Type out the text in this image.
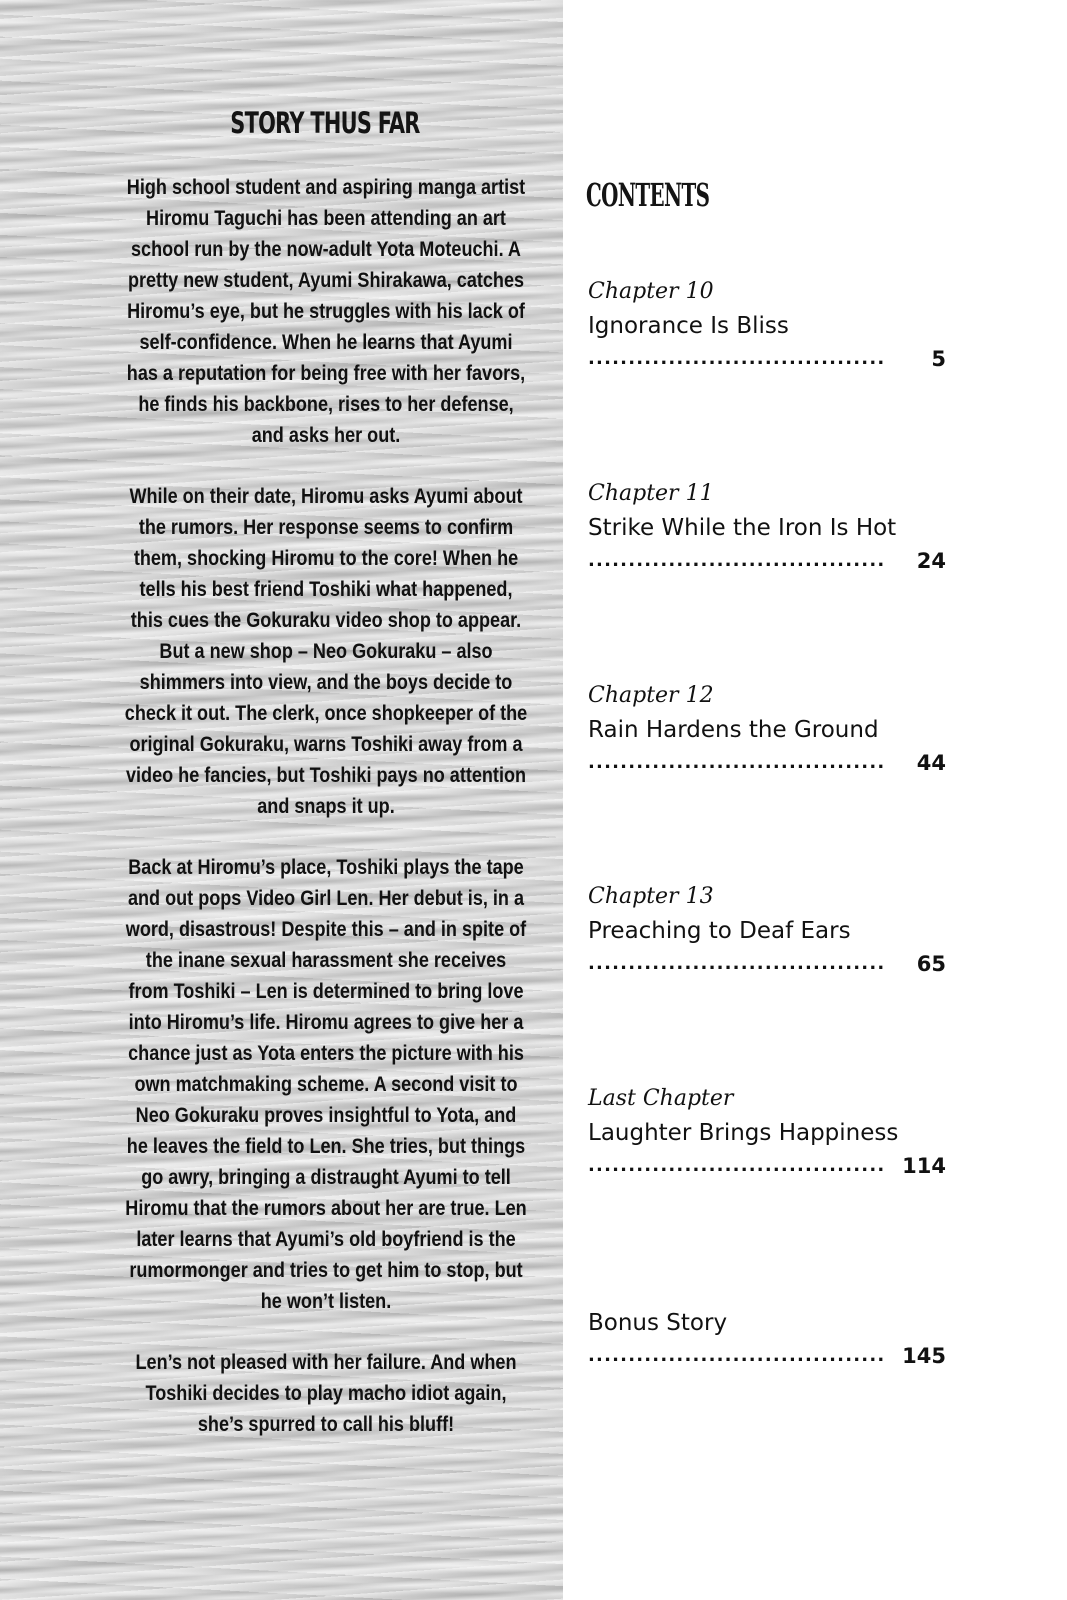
STORY THUS FAR

High school student and aspiring manga artist Hiromu Taguchi has been attending an art school run by the now-adult Yota Moteuchi. A pretty new student, Ayumi Shirakawa, catches Hiromu’s eye, but he struggles with his lack of self-confidence. When he learns that Ayumi has a reputation for being free with her favors, he finds his backbone, rises to her defense, and asks her out.

While on their date, Hiromu asks Ayumi about the rumors. Her response seems to confirm them, shocking Hiromu to the core! When he tells his best friend Toshiki what happened, this cues the Gokuraku video shop to appear. But a new shop – Neo Gokuraku – also shimmers into view, and the boys decide to check it out. The clerk, once shopkeeper of the original Gokuraku, warns Toshiki away from a video he fancies, but Toshiki pays no attention and snaps it up.

Back at Hiromu’s place, Toshiki plays the tape and out pops Video Girl Len. Her debut is, in a word, disastrous! Despite this – and in spite of the inane sexual harassment she receives from Toshiki – Len is determined to bring love into Hiromu’s life. Hiromu agrees to give her a chance just as Yota enters the picture with his own matchmaking scheme. A second visit to Neo Gokuraku proves insightful to Yota, and he leaves the field to Len. She tries, but things go awry, bringing a distraught Ayumi to tell Hiromu that the rumors about her are true. Len later learns that Ayumi’s old boyfriend is the rumormonger and tries to get him to stop, but he won’t listen.

Len’s not pleased with her failure. And when Toshiki decides to play macho idiot again, she’s spurred to call his bluff!

CONTENTS
Chapter 10
Ignorance Is Bliss
..................................... 5
Chapter 11
Strike While the Iron Is Hot
..................................... 24
Chapter 12
Rain Hardens the Ground
..................................... 44
Chapter 13
Preaching to Deaf Ears
..................................... 65
Last Chapter
Laughter Brings Happiness
..................................... 114
Bonus Story
..................................... 145
